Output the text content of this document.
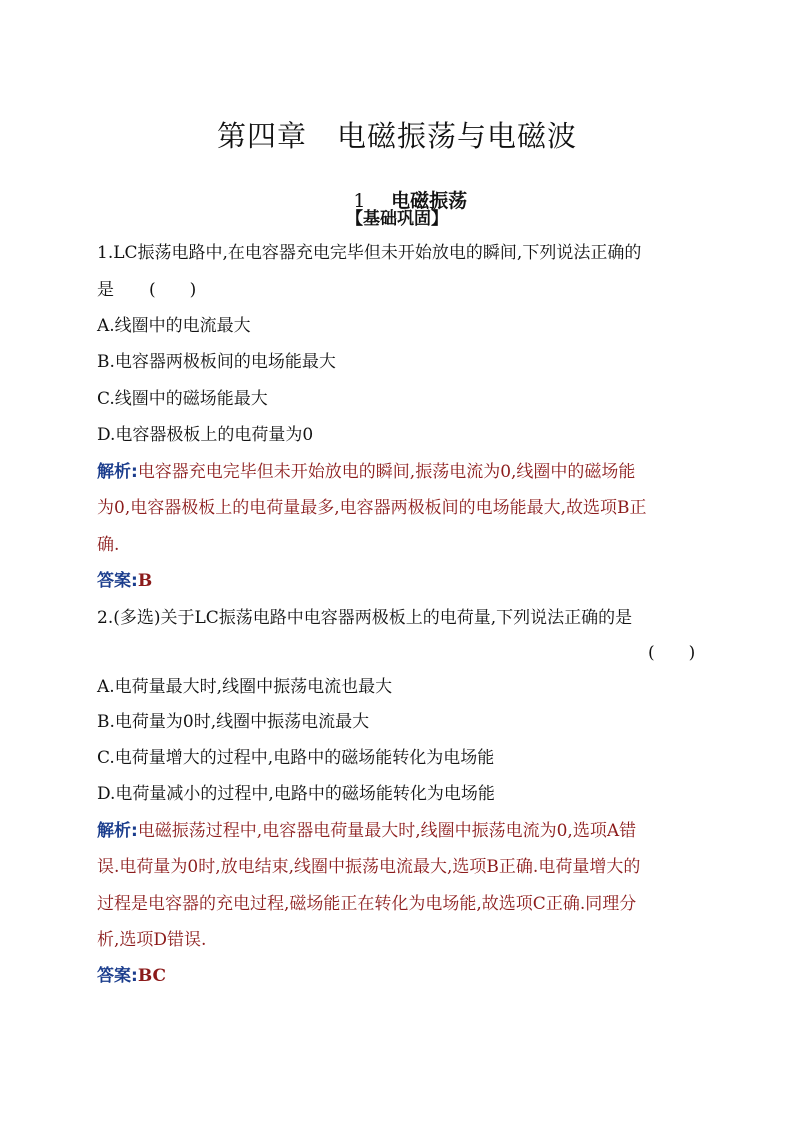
第四章　电磁振荡与电磁波

1　 电磁振荡

【基础巩固】
1.LC振荡电路中,在电容器充电完毕但未开始放电的瞬间,下列说法正确的
是	(　　)
A.线圈中的电流最大
B.电容器两极板间的电场能最大
C.线圈中的磁场能最大
D.电容器极板上的电荷量为0
解析:电容器充电完毕但未开始放电的瞬间,振荡电流为0,线圈中的磁场能
为0,电容器极板上的电荷量最多,电容器两极板间的电场能最大,故选项B正
确.
答案:B
2.(多选)关于LC振荡电路中电容器两极板上的电荷量,下列说法正确的是
(　　)
A.电荷量最大时,线圈中振荡电流也最大
B.电荷量为0时,线圈中振荡电流最大
C.电荷量增大的过程中,电路中的磁场能转化为电场能
D.电荷量减小的过程中,电路中的磁场能转化为电场能
解析:电磁振荡过程中,电容器电荷量最大时,线圈中振荡电流为0,选项A错
误.电荷量为0时,放电结束,线圈中振荡电流最大,选项B正确.电荷量增大的
过程是电容器的充电过程,磁场能正在转化为电场能,故选项C正确.同理分
析,选项D错误.
答案:BC
